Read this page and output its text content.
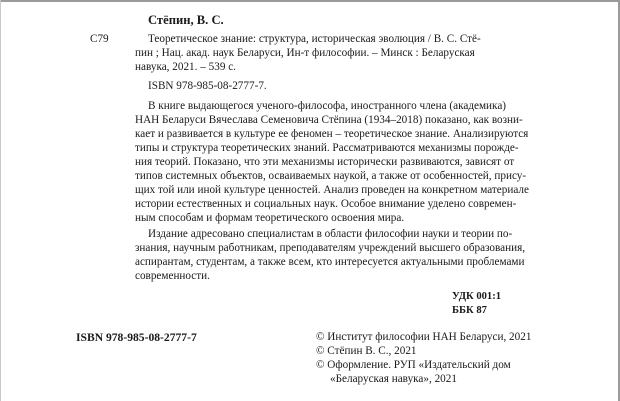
Стёпин, В. С.
С79	Теоретическое знание: структура, историческая эволюция / В. С. Стё-
пин ; Нац. акад. наук Беларуси, Ин-т философии. – Минск : Беларуская
навука, 2021. – 539 с.
ISBN 978-985-08-2777-7.
В книге выдающегося ученого-философа, иностранного члена (академика)
НАН Беларуси Вячеслава Семеновича Стёпина (1934–2018) показано, как возни-
кает и развивается в культуре ее феномен – теоретическое знание. Анализируются
типы и структура теоретических знаний. Рассматриваются механизмы порожде-
ния теорий. Показано, что эти механизмы исторически развиваются, зависят от
типов системных объектов, осваиваемых наукой, а также от особенностей, прису-
щих той или иной культуре ценностей. Анализ проведен на конкретном материале
истории естественных и социальных наук. Особое внимание уделено современ-
ным способам и формам теоретического освоения мира.
Издание адресовано специалистам в области философии науки и теории по-
знания, научным работникам, преподавателям учреждений высшего образования,
аспирантам, студентам, а также всем, кто интересуется актуальными проблемами
современности.
УДК 001:1
ББК 87
ISBN 978-985-08-2777-7	© Институт философии НАН Беларуси, 2021
© Стёпин В. С., 2021
© Оформление. РУП «Издательский дом
«Беларуская навука», 2021
